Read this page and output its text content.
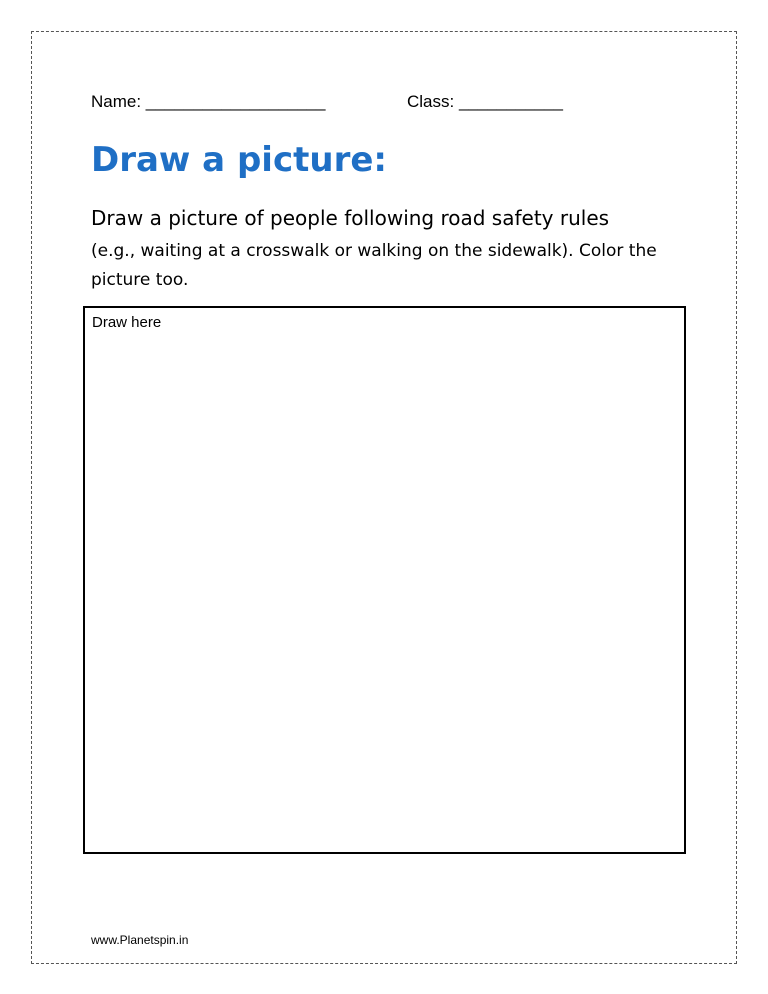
Name: ___________________	Class: ___________
Draw a picture:
Draw a picture of people following road safety rules
(e.g., waiting at a crosswalk or walking on the sidewalk). Color the picture too.
Draw here
www.Planetspin.in
